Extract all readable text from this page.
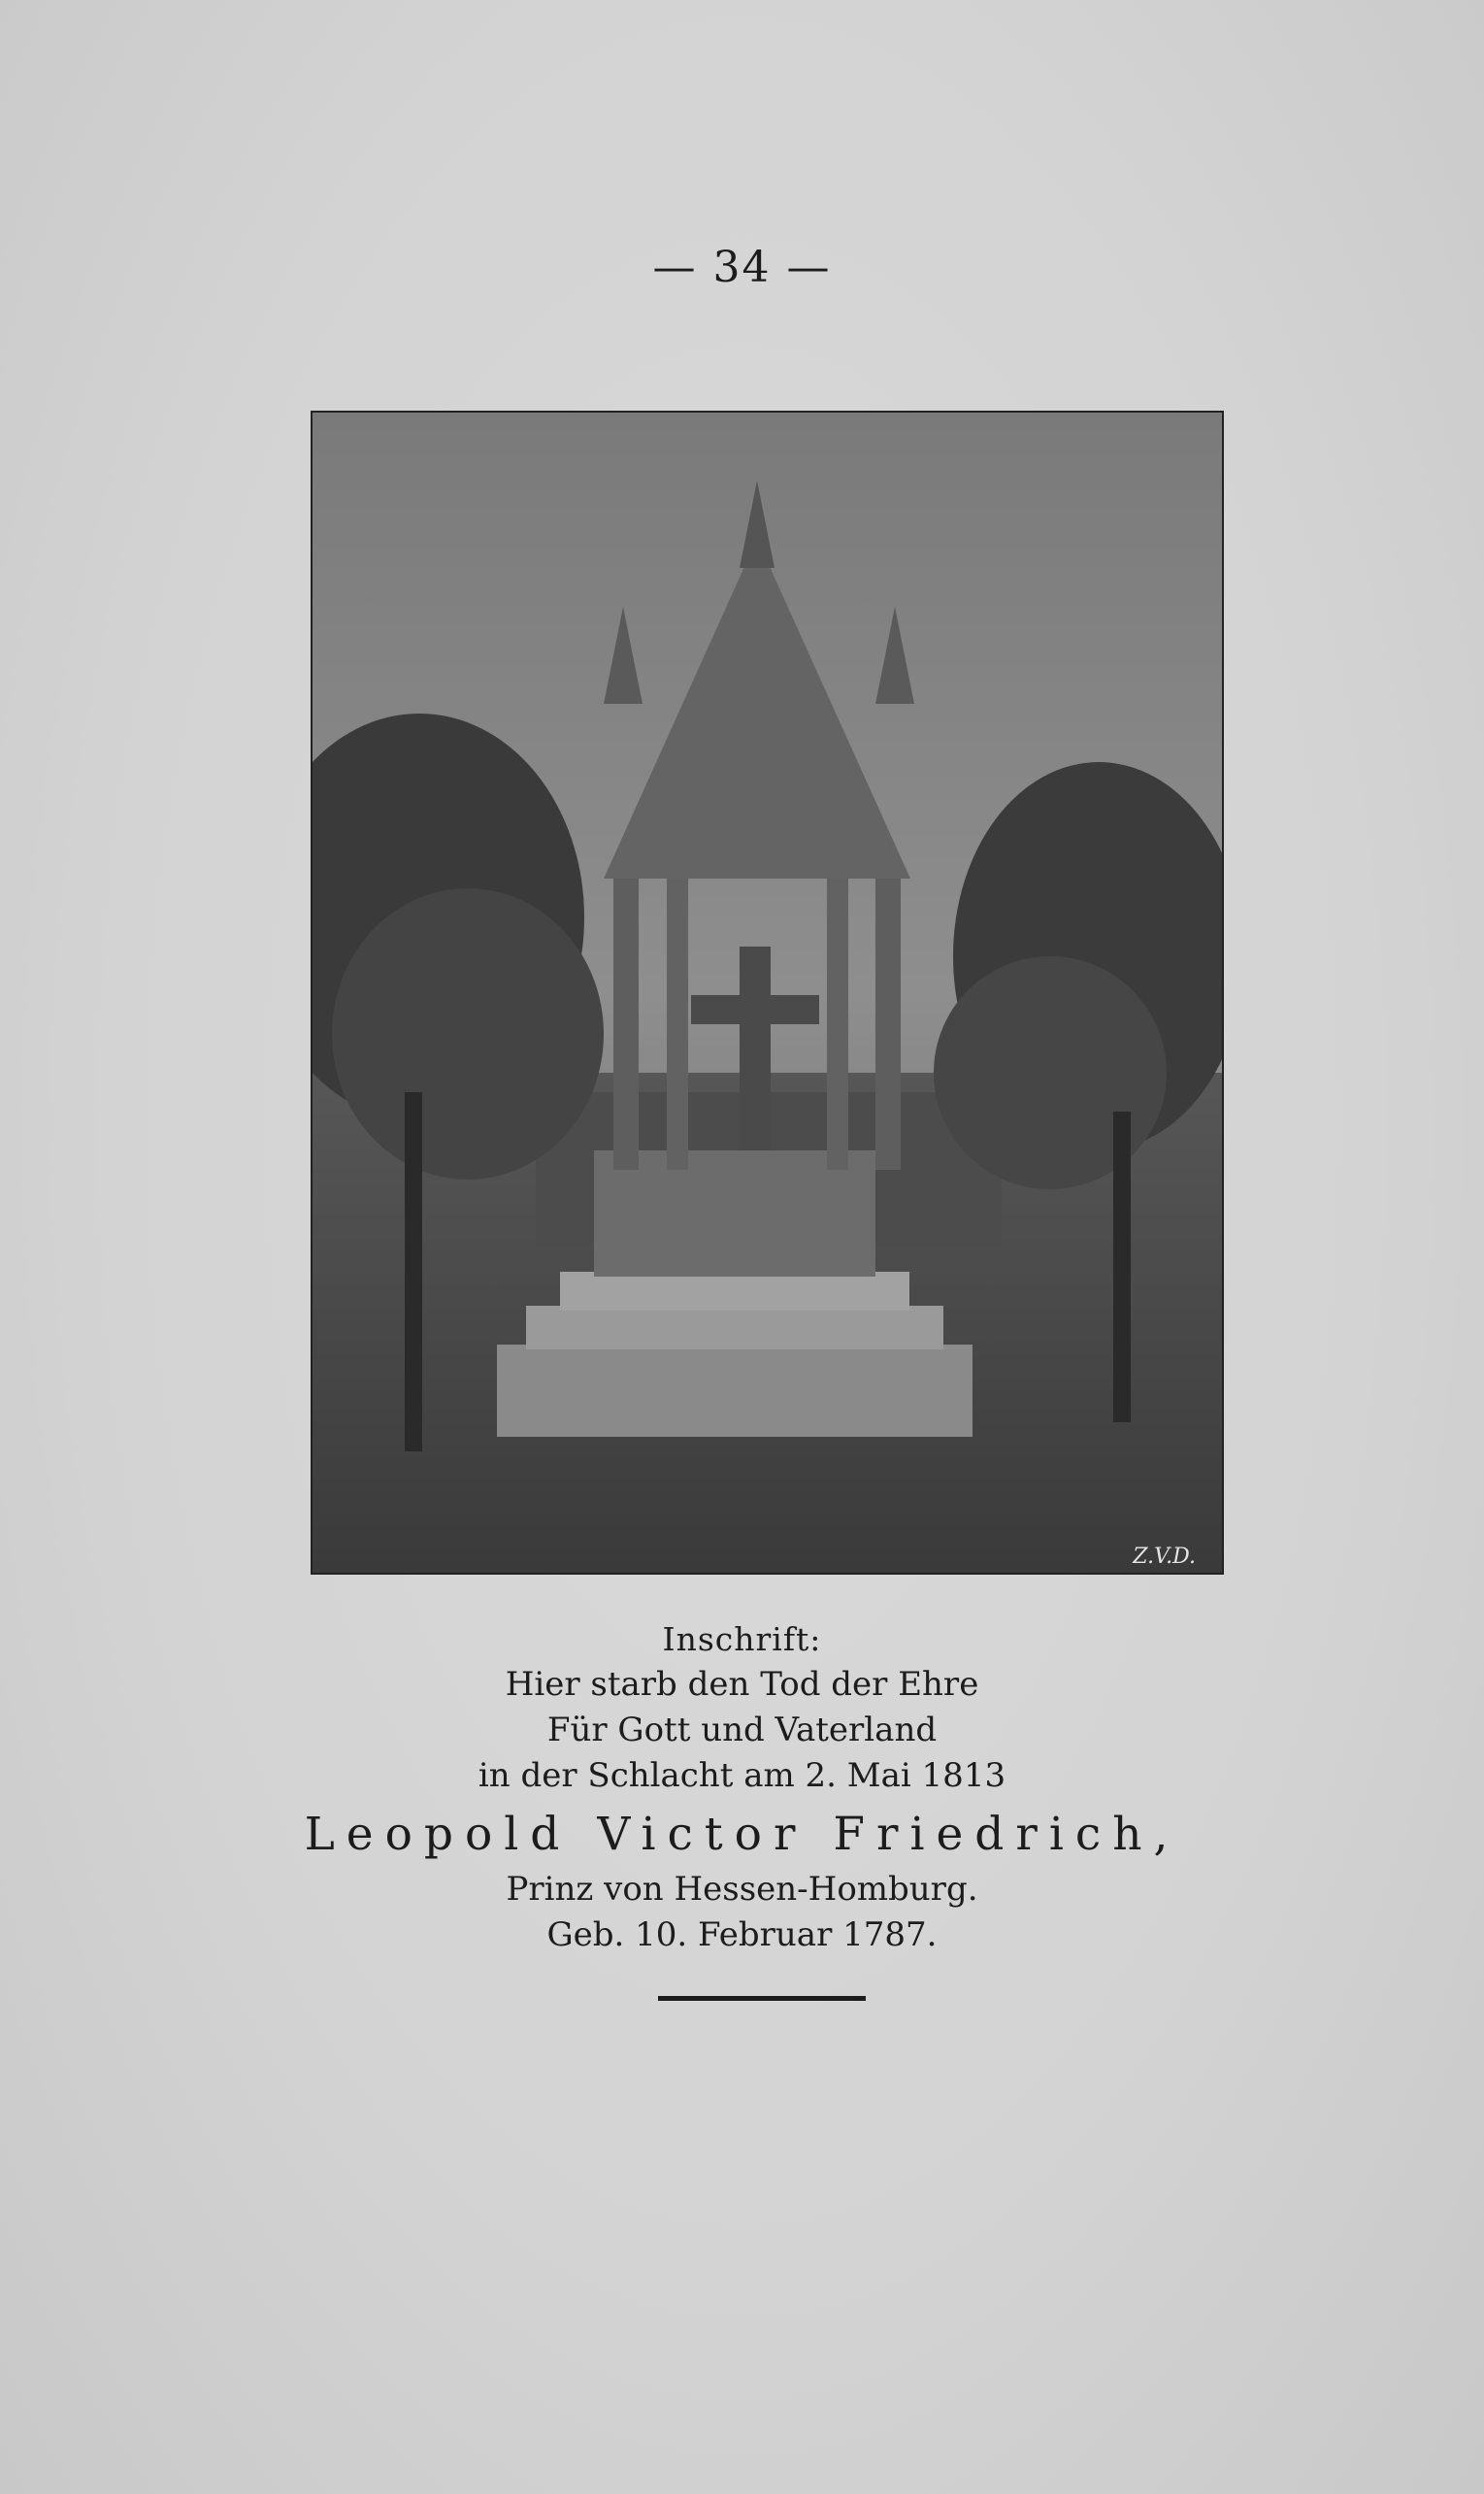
— 34 —
Z.V.D.
Inschrift:
Hier starb den Tod der Ehre
Für Gott und Vaterland
in der Schlacht am 2. Mai 1813
Leopold Victor Friedrich,
Prinz von Hessen-Homburg.
Geb. 10. Februar 1787.
